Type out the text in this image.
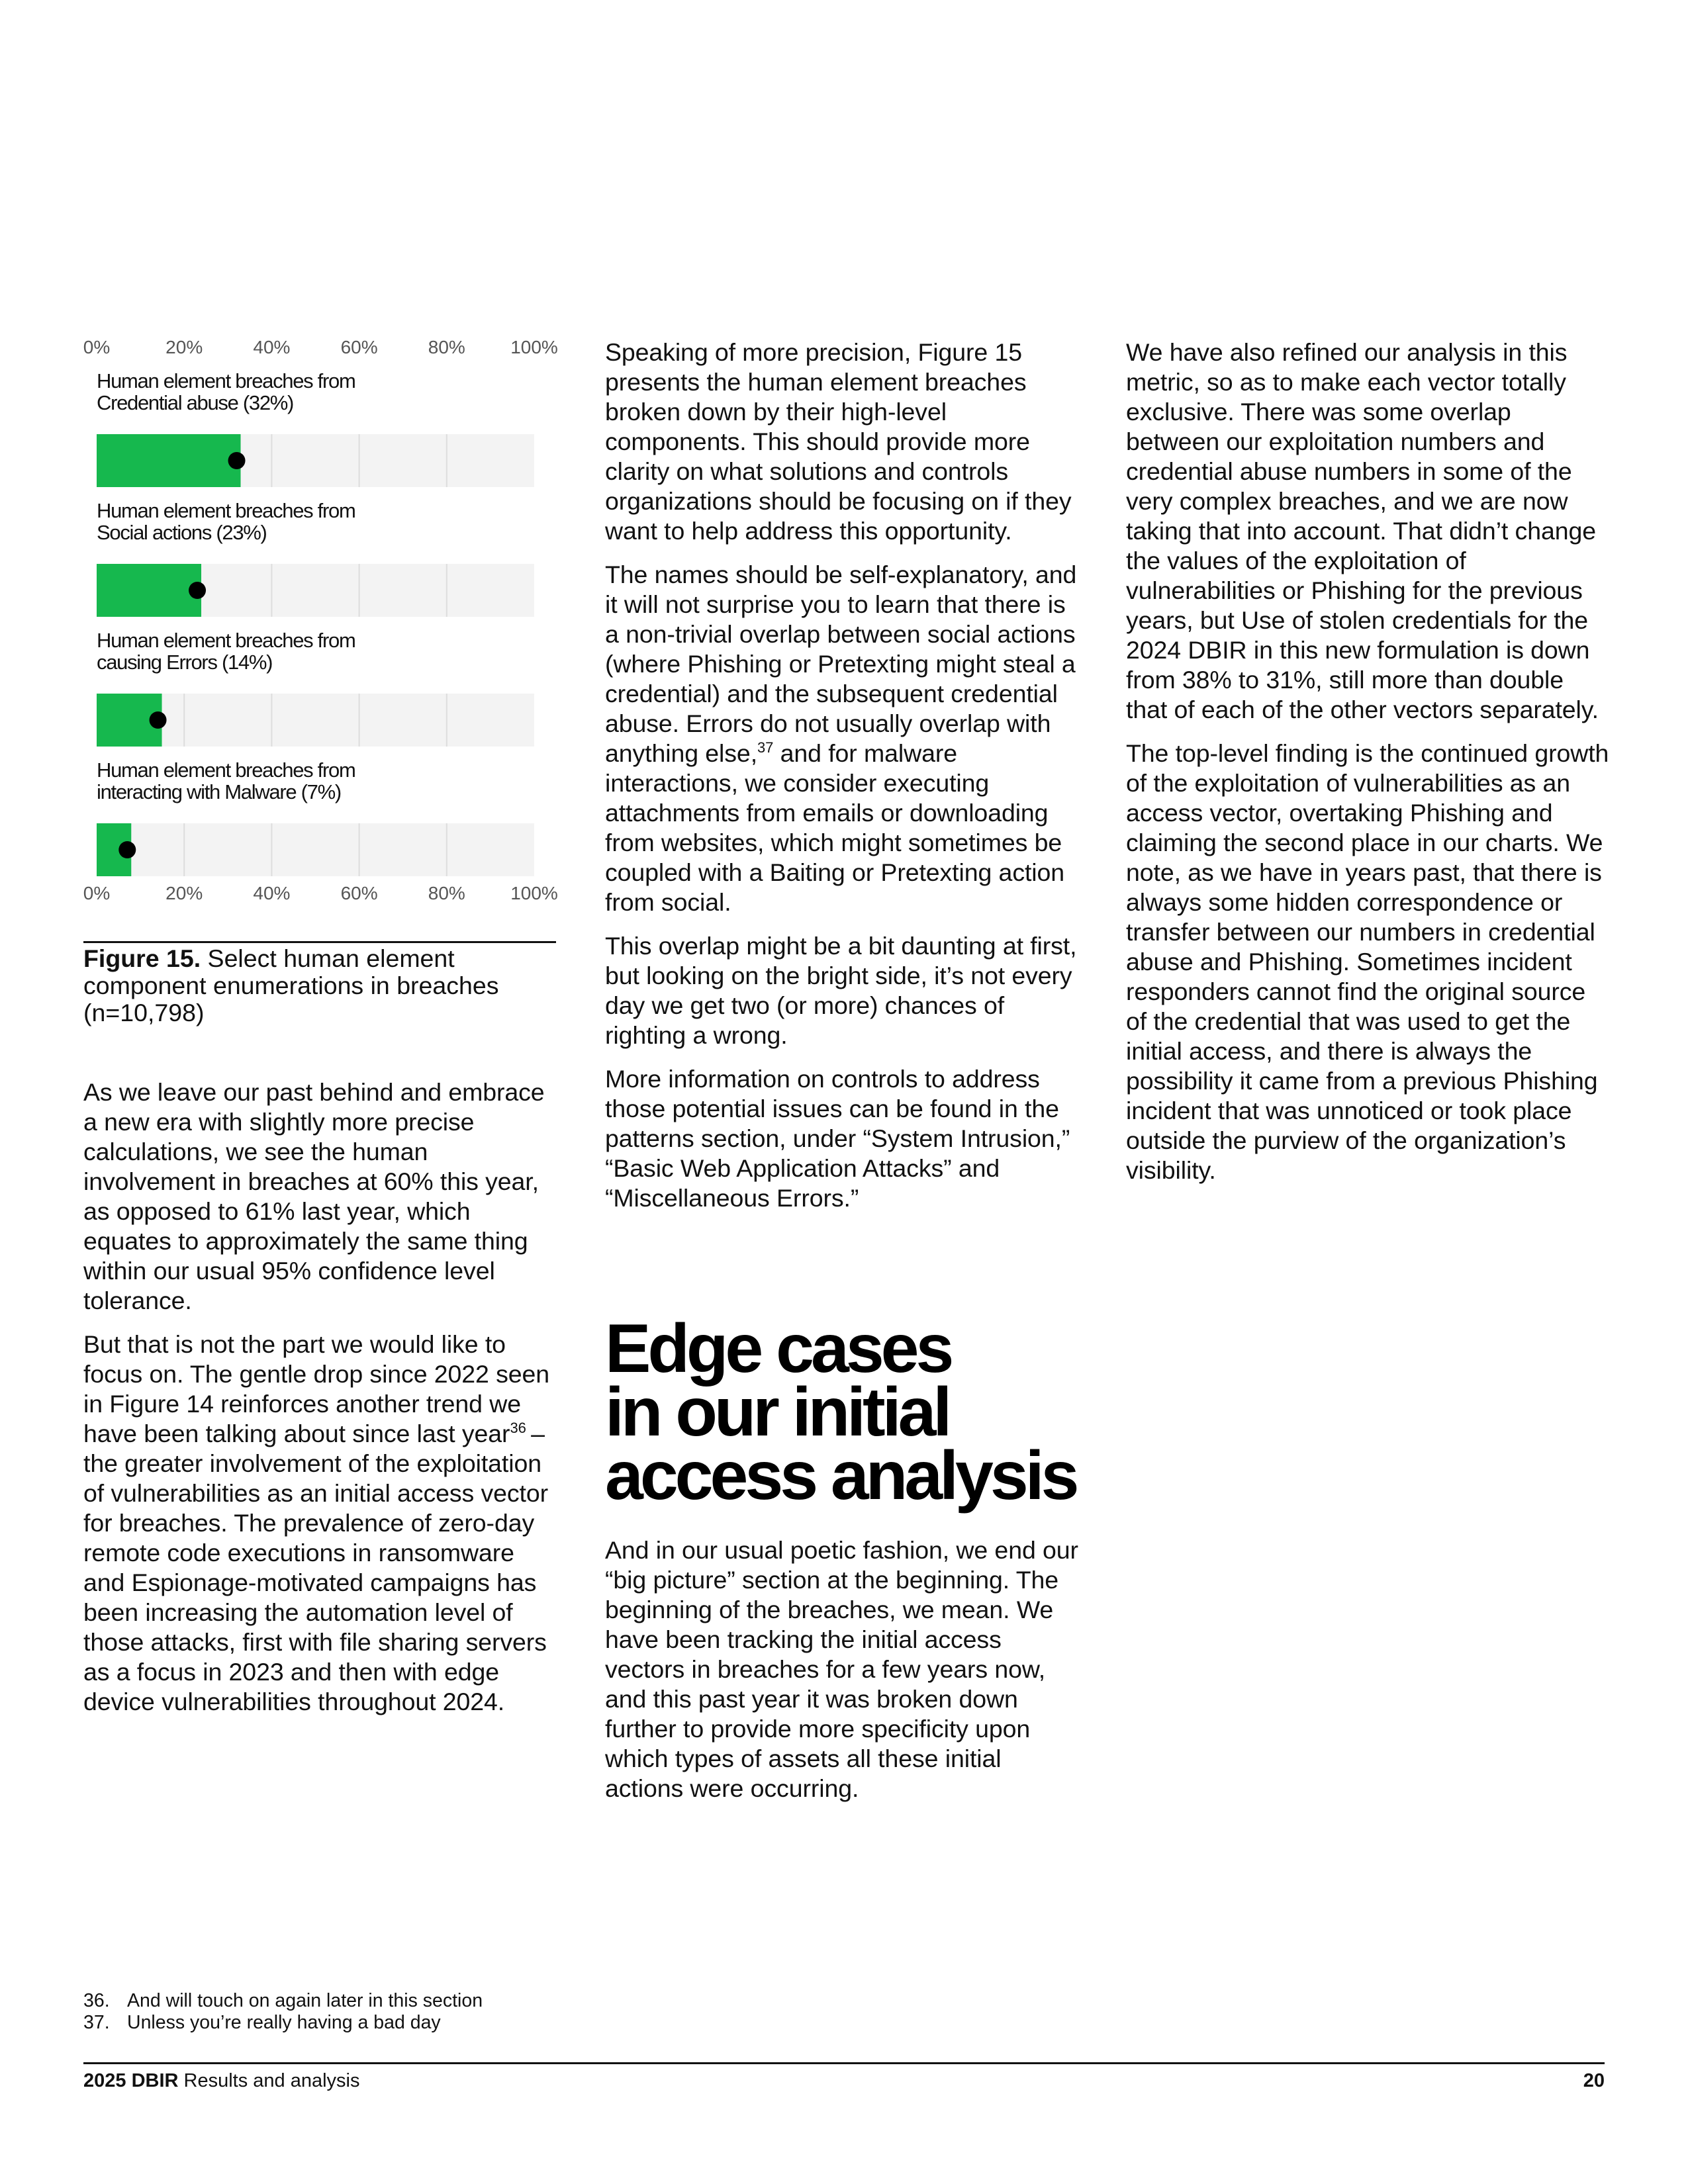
0%	20%	40%	60%	80% 100%
0%	20%	40%	60%	80% 100%
Human element breaches from
Credential abuse (32%)
Human element breaches from
Social actions (23%)
Human element breaches from
causing Errors (14%)
Human element breaches from
interacting with Malware (7%)
Figure 15. Select human element component enumerations in breaches (n=10,798)

As we leave our past behind and embrace a new era with slightly more precise calculations, we see the human involvement in breaches at 60% this year, as opposed to 61% last year, which equates to approximately the same thing within our usual 95% confidence level tolerance.

But that is not the part we would like to focus on. The gentle drop since 2022 seen in Figure 14 reinforces another trend we have been talking about since last year$^{36}$ – the greater involvement of the exploitation of vulnerabilities as an initial access vector for breaches. The prevalence of zero-day remote code executions in ransomware and Espionage-motivated campaigns has been increasing the automation level of those attacks, first with file sharing servers as a focus in 2023 and then with edge device vulnerabilities throughout 2024.

Speaking of more precision, Figure 15 presents the human element breaches broken down by their high-level components. This should provide more clarity on what solutions and controls organizations should be focusing on if they want to help address this opportunity.

The names should be self-explanatory, and it will not surprise you to learn that there is a non-trivial overlap between social actions (where Phishing or Pretexting might steal a credential) and the subsequent credential abuse. Errors do not usually overlap with anything else,$^{37}$ and for malware interactions, we consider executing attachments from emails or downloading from websites, which might sometimes be coupled with a Baiting or Pretexting action from social.

This overlap might be a bit daunting at first, but looking on the bright side, it’s not every day we get two (or more) chances of righting a wrong.

More information on controls to address those potential issues can be found in the patterns section, under “System Intrusion,” “Basic Web Application Attacks” and “Miscellaneous Errors.”

Edge cases
in our initial
access analysis

And in our usual poetic fashion, we end our “big picture” section at the beginning. The beginning of the breaches, we mean. We have been tracking the initial access vectors in breaches for a few years now, and this past year it was broken down further to provide more specificity upon which types of assets all these initial actions were occurring.

We have also refined our analysis in this metric, so as to make each vector totally exclusive. There was some overlap between our exploitation numbers and credential abuse numbers in some of the very complex breaches, and we are now taking that into account. That didn’t change the values of the exploitation of vulnerabilities or Phishing for the previous years, but Use of stolen credentials for the 2024 DBIR in this new formulation is down from 38% to 31%, still more than double that of each of the other vectors separately.

The top-level finding is the continued growth of the exploitation of vulnerabilities as an access vector, overtaking Phishing and claiming the second place in our charts. We note, as we have in years past, that there is always some hidden correspondence or transfer between our numbers in credential abuse and Phishing. Sometimes incident responders cannot find the original source of the credential that was used to get the initial access, and there is always the possibility it came from a previous Phishing incident that was unnoticed or took place outside the purview of the organization’s visibility.

36. And will touch on again later in this section
37. Unless you’re really having a bad day
2025 DBIR Results and analysis	20
